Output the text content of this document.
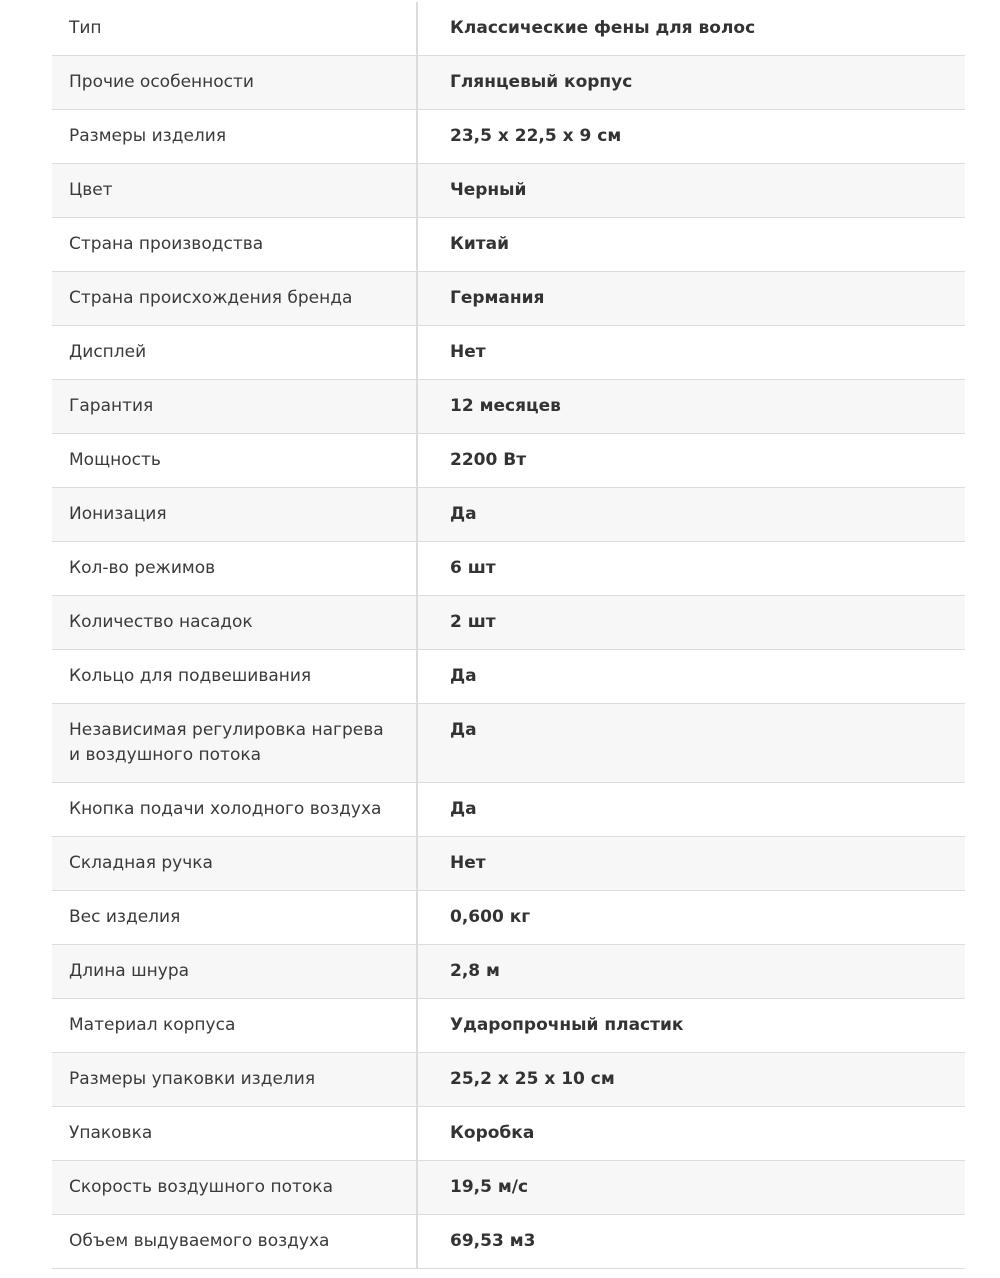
Тип	Классические фены для волос
Прочие особенности	Глянцевый корпус
Размеры изделия	23,5 х 22,5 х 9 см
Цвет	Черный
Страна производства	Китай
Страна происхождения бренда	Германия
Дисплей	Нет
Гарантия	12 месяцев
Мощность	2200 Вт
Ионизация	Да
Кол-во режимов	6 шт
Количество насадок	2 шт
Кольцо для подвешивания	Да
Независимая регулировка нагрева и воздушного потока	Да
Кнопка подачи холодного воздуха	Да
Складная ручка	Нет
Вес изделия	0,600 кг
Длина шнура	2,8 м
Материал корпуса	Ударопрочный пластик
Размеры упаковки изделия	25,2 х 25 х 10 см
Упаковка	Коробка
Скорость воздушного потока	19,5 м/с
Объем выдуваемого воздуха	69,53 м3
